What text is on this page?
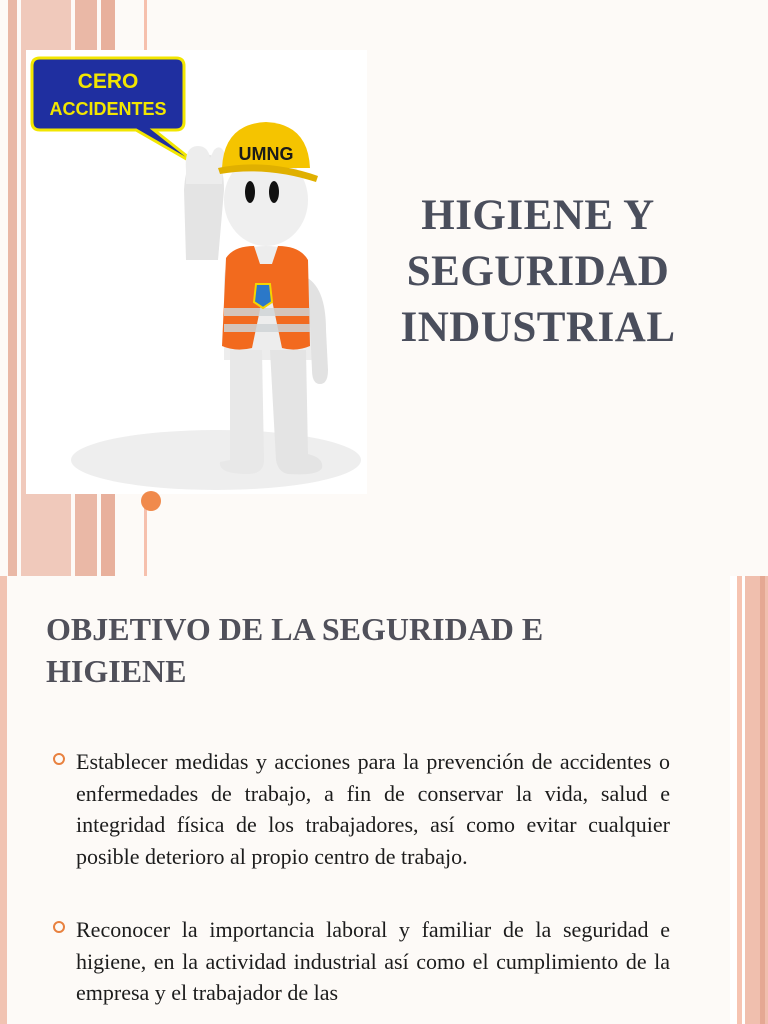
CERO
ACCIDENTES
UMNG
HIGIENE Y
SEGURIDAD
INDUSTRIAL
OBJETIVO DE LA SEGURIDAD E HIGIENE
Establecer medidas y acciones para la prevención de accidentes o enfermedades de trabajo, a fin de conservar la vida, salud e integridad física de los trabajadores, así como evitar cualquier posible deterioro al propio centro de trabajo.
Reconocer la importancia laboral y familiar de la seguridad e higiene, en la actividad industrial así como el cumplimiento de la empresa y el trabajador de las
